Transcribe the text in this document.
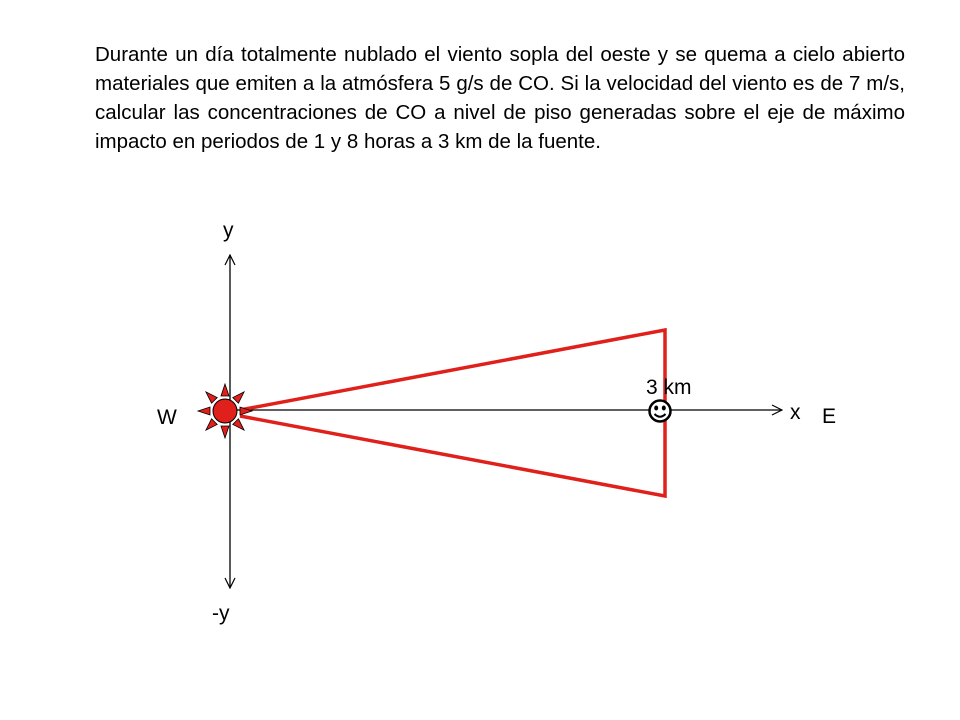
Durante un día totalmente nublado el viento sopla del oeste y se quema a cielo abierto materiales que emiten a la atmósfera 5 g/s de CO. Si la velocidad del viento es de 7 m/s, calcular las concentraciones de CO a nivel de piso generadas sobre el eje de máximo impacto en periodos de 1 y 8 horas a 3 km de la fuente.

y
-y
x E
W
3 km
